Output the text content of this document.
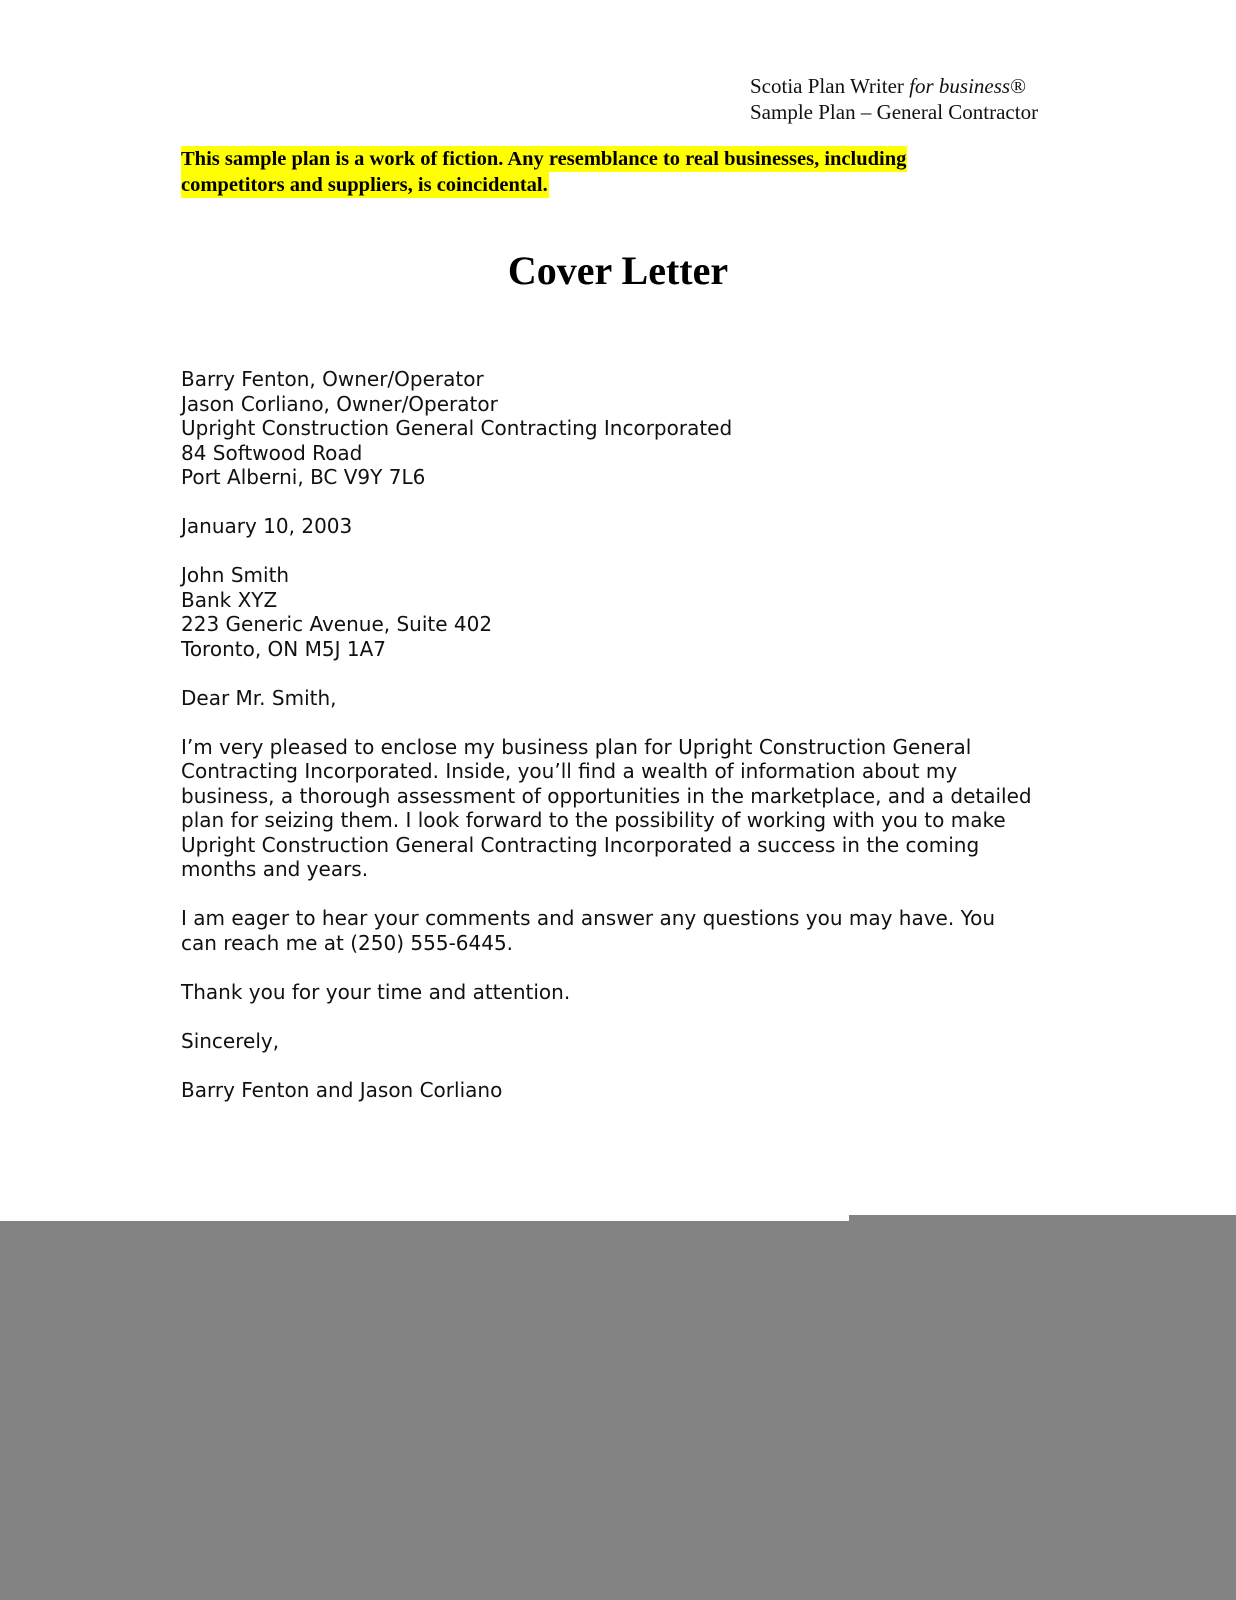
Scotia Plan Writer for business®
Sample Plan – General Contractor
This sample plan is a work of fiction. Any resemblance to real businesses, including
competitors and suppliers, is coincidental.
Cover Letter
Barry Fenton, Owner/Operator
Jason Corliano, Owner/Operator
Upright Construction General Contracting Incorporated
84 Softwood Road
Port Alberni, BC V9Y 7L6
January 10, 2003
John Smith
Bank XYZ
223 Generic Avenue, Suite 402
Toronto, ON M5J 1A7
Dear Mr. Smith,
I’m very pleased to enclose my business plan for Upright Construction General
Contracting Incorporated. Inside, you’ll find a wealth of information about my
business, a thorough assessment of opportunities in the marketplace, and a detailed
plan for seizing them. I look forward to the possibility of working with you to make
Upright Construction General Contracting Incorporated a success in the coming
months and years.
I am eager to hear your comments and answer any questions you may have. You
can reach me at (250) 555-6445.
Thank you for your time and attention.
Sincerely,
Barry Fenton and Jason Corliano
